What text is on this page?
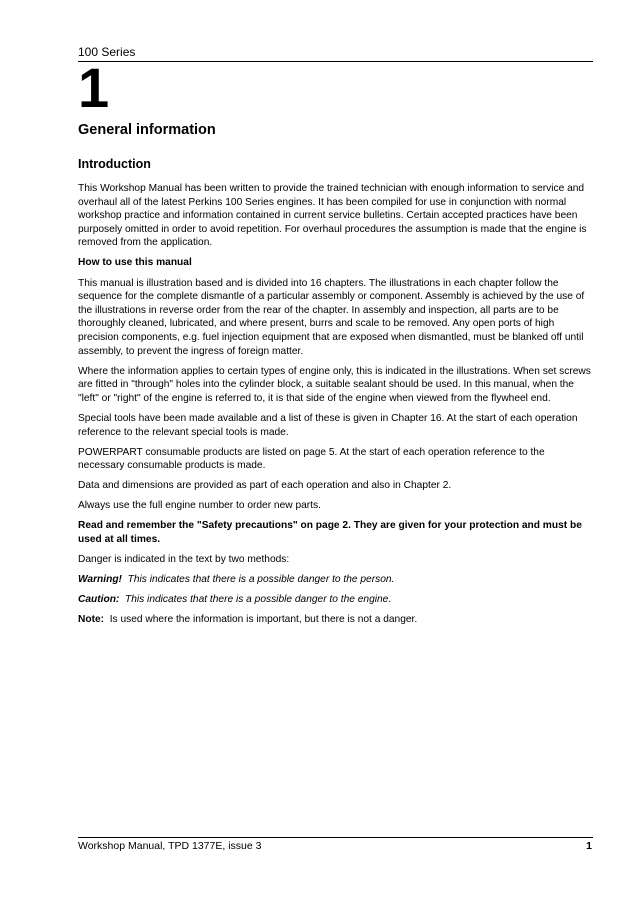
100 Series
1
General information
Introduction

This Workshop Manual has been written to provide the trained technician with enough information to service and overhaul all of the latest Perkins 100 Series engines. It has been compiled for use in conjunction with normal workshop practice and information contained in current service bulletins. Certain accepted practices have been purposely omitted in order to avoid repetition. For overhaul procedures the assumption is made that the engine is removed from the application.

How to use this manual

This manual is illustration based and is divided into 16 chapters. The illustrations in each chapter follow the sequence for the complete dismantle of a particular assembly or component. Assembly is achieved by the use of the illustrations in reverse order from the rear of the chapter. In assembly and inspection, all parts are to be thoroughly cleaned, lubricated, and where present, burrs and scale to be removed. Any open ports of high precision components, e.g. fuel injection equipment that are exposed when dismantled, must be blanked off until assembly, to prevent the ingress of foreign matter.

Where the information applies to certain types of engine only, this is indicated in the illustrations. When set screws are fitted in "through" holes into the cylinder block, a suitable sealant should be used. In this manual, when the "left" or "right" of the engine is referred to, it is that side of the engine when viewed from the flywheel end.

Special tools have been made available and a list of these is given in Chapter 16. At the start of each operation reference to the relevant special tools is made.

POWERPART consumable products are listed on page 5. At the start of each operation reference to the necessary consumable products is made.

Data and dimensions are provided as part of each operation and also in Chapter 2.

Always use the full engine number to order new parts.

Read and remember the "Safety precautions" on page 2. They are given for your protection and must be used at all times.

Danger is indicated in the text by two methods:

Warning! This indicates that there is a possible danger to the person.

Caution: This indicates that there is a possible danger to the engine.

Note: Is used where the information is important, but there is not a danger.

Workshop Manual, TPD 1377E, issue 3	1
